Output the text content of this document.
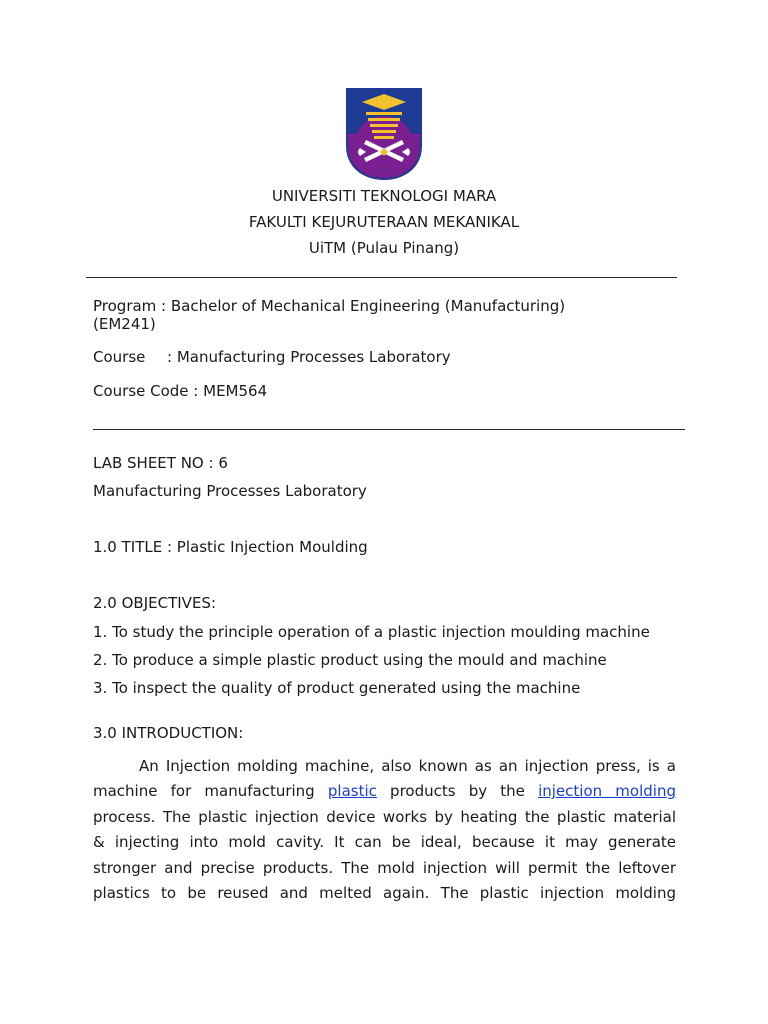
UNIVERSITI TEKNOLOGI MARA
FAKULTI KEJURUTERAAN MEKANIKAL
UiTM (Pulau Pinang)
Program : Bachelor of Mechanical Engineering (Manufacturing)
(EM241)
Course : Manufacturing Processes Laboratory
Course Code : MEM564
LAB SHEET NO : 6
Manufacturing Processes Laboratory
1.0 TITLE : Plastic Injection Moulding
2.0 OBJECTIVES:
1. To study the principle operation of a plastic injection moulding machine
2. To produce a simple plastic product using the mould and machine
3. To inspect the quality of product generated using the machine
3.0 INTRODUCTION:
An Injection molding machine, also known as an injection press, is a
machine for manufacturing plastic products by the injection molding
process. The plastic injection device works by heating the plastic material
& injecting into mold cavity. It can be ideal, because it may generate
stronger and precise products. The mold injection will permit the leftover
plastics to be reused and melted again. The plastic injection molding
